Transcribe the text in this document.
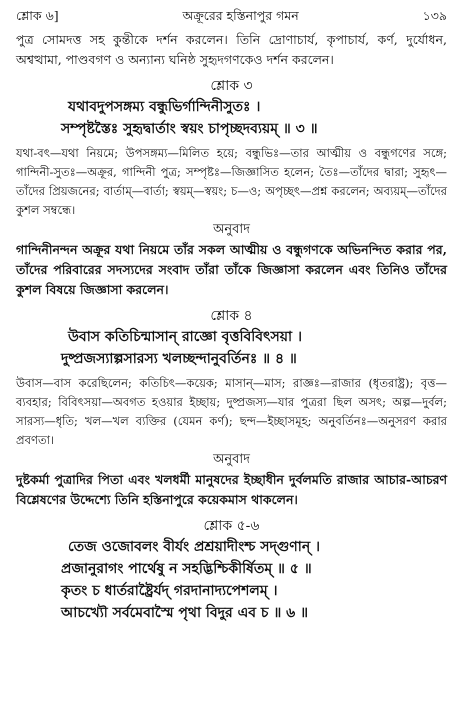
শ্লোক ৬]	অক্রূরের হস্তিনাপুর গমন	১৩৯

পুত্র সোমদত্ত সহ কুন্তীকে দর্শন করলেন। তিনি দ্রোণাচার্য, কৃপাচার্য, কর্ণ, দুর্যোধন, অশ্বত্থামা, পাণ্ডবগণ ও অন্যান্য ঘনিষ্ঠ সুহৃদগণকেও দর্শন করলেন।

শ্লোক ৩

যথাবদুপসঙ্গম্য বন্ধুভির্গান্দিনীসুতঃ ।

সম্পৃষ্টস্তৈঃ সুহৃদ্বার্তাং স্বয়ং চাপৃচ্ছদব্যয়ম্ ॥ ৩ ॥

যথা-বৎ—যথা নিয়মে; উপসঙ্গম্য—মিলিত হয়ে; বন্ধুভিঃ—তার আত্মীয় ও বন্ধুগণের সঙ্গে; গান্দিনী-সুতঃ—অক্রূর, গান্দিনী পুত্র; সম্পৃষ্টঃ—জিজ্ঞাসিত হলেন; তৈঃ—তাঁদের দ্বারা; সুহৃৎ—তাঁদের প্রিয়জনের; বার্তাম্—বার্তা; স্বয়ম্—স্বয়ং; চ—ও; অপৃচ্ছৎ—প্রশ্ন করলেন; অব্যয়ম্—তাঁদের কুশল সম্বন্ধে।

অনুবাদ

গান্দিনীনন্দন অক্রূর যথা নিয়মে তাঁর সকল আত্মীয় ও বন্ধুগণকে অভিনন্দিত করার পর, তাঁদের পরিবারের সদস্যদের সংবাদ তাঁরা তাঁকে জিজ্ঞাসা করলেন এবং তিনিও তাঁদের কুশল বিষয়ে জিজ্ঞাসা করলেন।

শ্লোক ৪

উবাস কতিচিন্মাসান্ রাজ্ঞো বৃত্তবিবিৎসয়া ।

দুষ্প্রজস্যাল্পসারস্য খলচ্ছন্দানুবর্তিনঃ ॥ ৪ ॥

উবাস—বাস করেছিলেন; কতিচিৎ—কয়েক; মাসান্—মাস; রাজ্ঞঃ—রাজার (ধৃতরাষ্ট্র); বৃত্ত—ব্যবহার; বিবিৎসয়া—অবগত হওয়ার ইচ্ছায়; দুষ্প্রজস্য—যার পুত্ররা ছিল অসৎ; অল্প—দুর্বল; সারস্য—ধৃতি; খল—খল ব্যক্তির (যেমন কর্ণ); ছন্দ—ইচ্ছাসমূহ; অনুবর্তিনঃ—অনুসরণ করার প্রবণতা।

অনুবাদ

দুষ্টকর্মা পুত্রাদির পিতা এবং খলধর্মী মানুষদের ইচ্ছাধীন দুর্বলমতি রাজার আচার-আচরণ বিশ্লেষণের উদ্দেশ্যে তিনি হস্তিনাপুরে কয়েকমাস থাকলেন।

শ্লোক ৫-৬

তেজ ওজোবলং বীর্যং প্রশ্রয়াদীংশ্চ সদ্গুণান্ ।

প্রজানুরাগং পার্থেষু ন সহদ্ভিশ্চিকীর্ষিতম্ ॥ ৫ ॥

কৃতং চ ধার্তরাষ্ট্রৈর্যদ্ গরদানাদ্যপেশলম্ ।

আচখ্যৌ সর্বমেবাস্মৈ পৃথা বিদুর এব চ ॥ ৬ ॥
